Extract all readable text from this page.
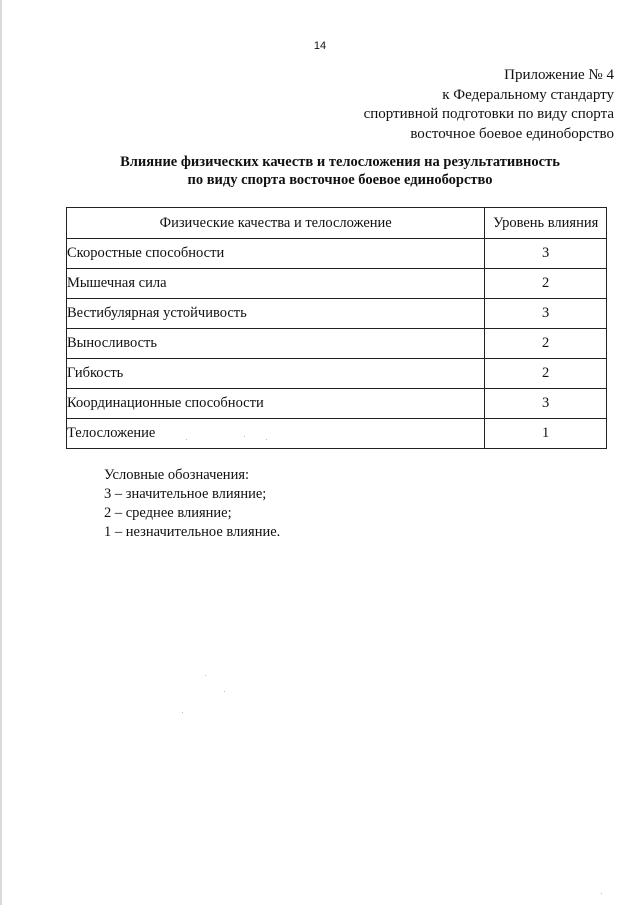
14
Приложение № 4
к Федеральному стандарту
спортивной подготовки по виду спорта
восточное боевое единоборство
Влияние физических качеств и телосложения на результативность
по виду спорта восточное боевое единоборство
Физические качества и телосложение	Уровень влияния
Скоростные способности	3
Мышечная сила	2
Вестибулярная устойчивость	3
Выносливость	2
Гибкость	2
Координационные способности	3
Телосложение	1
Условные обозначения:
3 – значительное влияние;
2 – среднее влияние;
1 – незначительное влияние.
